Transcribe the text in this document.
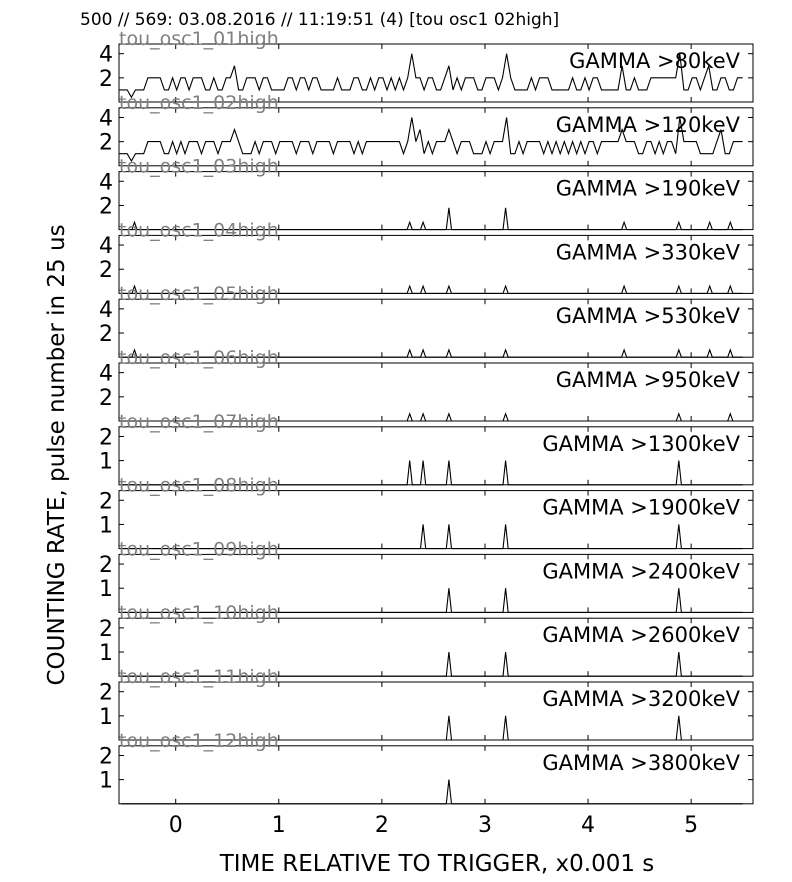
500 // 569: 03.08.2016 // 11:19:51 (4) [tou osc1 02high]
2
4	GAMMA >80keV
tou_osc1_01high
2
4	GAMMA >120keV
tou_osc1_02high
2
4	GAMMA >190keV
tou_osc1_03high
2
4	GAMMA >330keV
tou_osc1_04high
2
4	GAMMA >530keV
tou_osc1_05high
2
4	GAMMA >950keV
tou_osc1_06high
1
2	GAMMA >1300keV
tou_osc1_07high
1
2	GAMMA >1900keV
tou_osc1_08high
1
2	GAMMA >2400keV
tou_osc1_09high
1
2	GAMMA >2600keV
tou_osc1_10high
1
2	GAMMA >3200keV
tou_osc1_11high
1
2	GAMMA >3800keV
tou_osc1_12high
0	1	2	3	4	5
TIME RELATIVE TO TRIGGER, x0.001 s
COUNTING RATE, pulse number in 25 us
